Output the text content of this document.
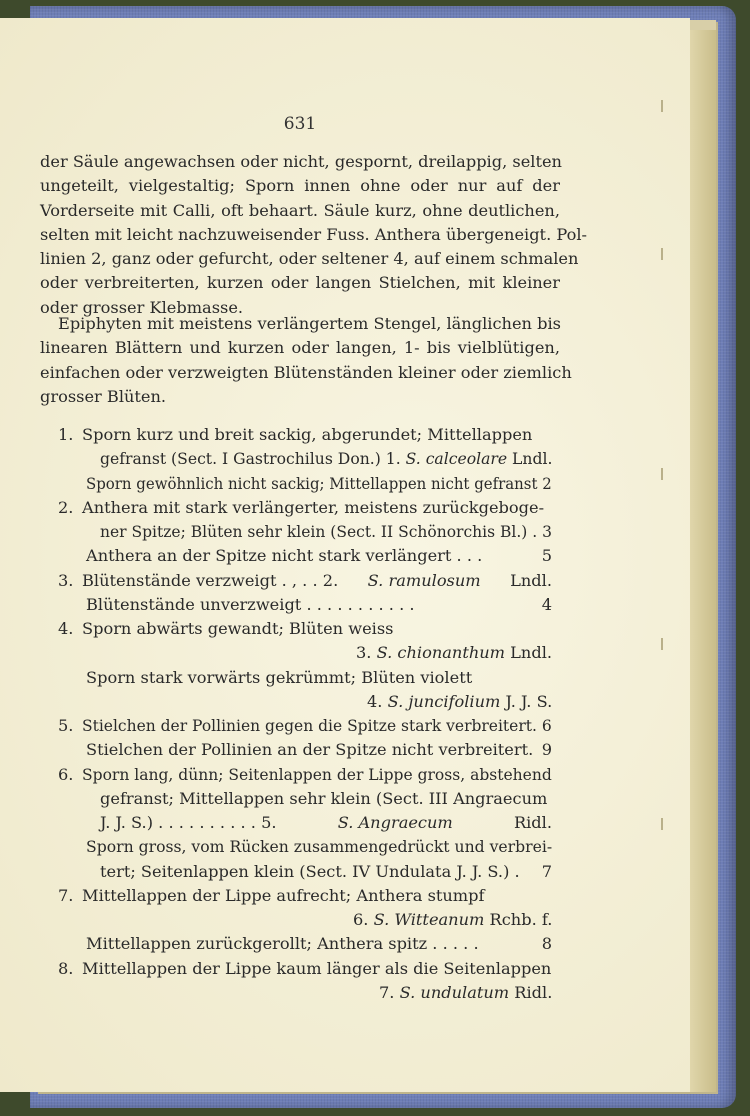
631
der Säule angewachsen oder nicht, gespornt, dreilappig, selten
ungeteilt, vielgestaltig; Sporn innen ohne oder nur auf der
Vorderseite mit Calli, oft behaart. Säule kurz, ohne deutlichen,
selten mit leicht nachzuweisender Fuss. Anthera übergeneigt. Pol-
linien 2, ganz oder gefurcht, oder seltener 4, auf einem schmalen
oder verbreiterten, kurzen oder langen Stielchen, mit kleiner
oder grosser Klebmasse.
Epiphyten mit meistens verlängertem Stengel, länglichen bis
linearen Blättern und kurzen oder langen, 1- bis vielblütigen,
einfachen oder verzweigten Blütenständen kleiner oder ziemlich
grosser Blüten.
1. Sporn kurz und breit sackig, abgerundet; Mittellappen
gefranst (Sect. I Gastrochilus Don.) 1. S. calceolare Lndl.
Sporn gewöhnlich nicht sackig; Mittellappen nicht gefranst 2
2. Anthera mit stark verlängerter, meistens zurückgeboge-
ner Spitze; Blüten sehr klein (Sect. II Schönorchis Bl.) . 3
Anthera an der Spitze nicht stark verlängert . . .	5
3. Blütenstände verzweigt . , . . 2. S. ramulosum Lndl.
Blütenstände unverzweigt . . . . . . . . . . .	4
4. Sporn abwärts gewandt; Blüten weiss
3. S. chionanthum Lndl.
Sporn stark vorwärts gekrümmt; Blüten violett
4. S. juncifolium J. J. S.
5. Stielchen der Pollinien gegen die Spitze stark verbreitert. 6
Stielchen der Pollinien an der Spitze nicht verbreitert. 9
6. Sporn lang, dünn; Seitenlappen der Lippe gross, abstehend
gefranst; Mittellappen sehr klein (Sect. III Angraecum
J. J. S.) . . . . . . . . . . 5.	S. Angraecum	Ridl.
Sporn gross, vom Rücken zusammengedrückt und verbrei-
tert; Seitenlappen klein (Sect. IV Undulata J. J. S.) . 7
7. Mittellappen der Lippe aufrecht; Anthera stumpf
6. S. Witteanum Rchb. f.
Mittellappen zurückgerollt; Anthera spitz . . . . .	8
8. Mittellappen der Lippe kaum länger als die Seitenlappen
7. S. undulatum Ridl.
